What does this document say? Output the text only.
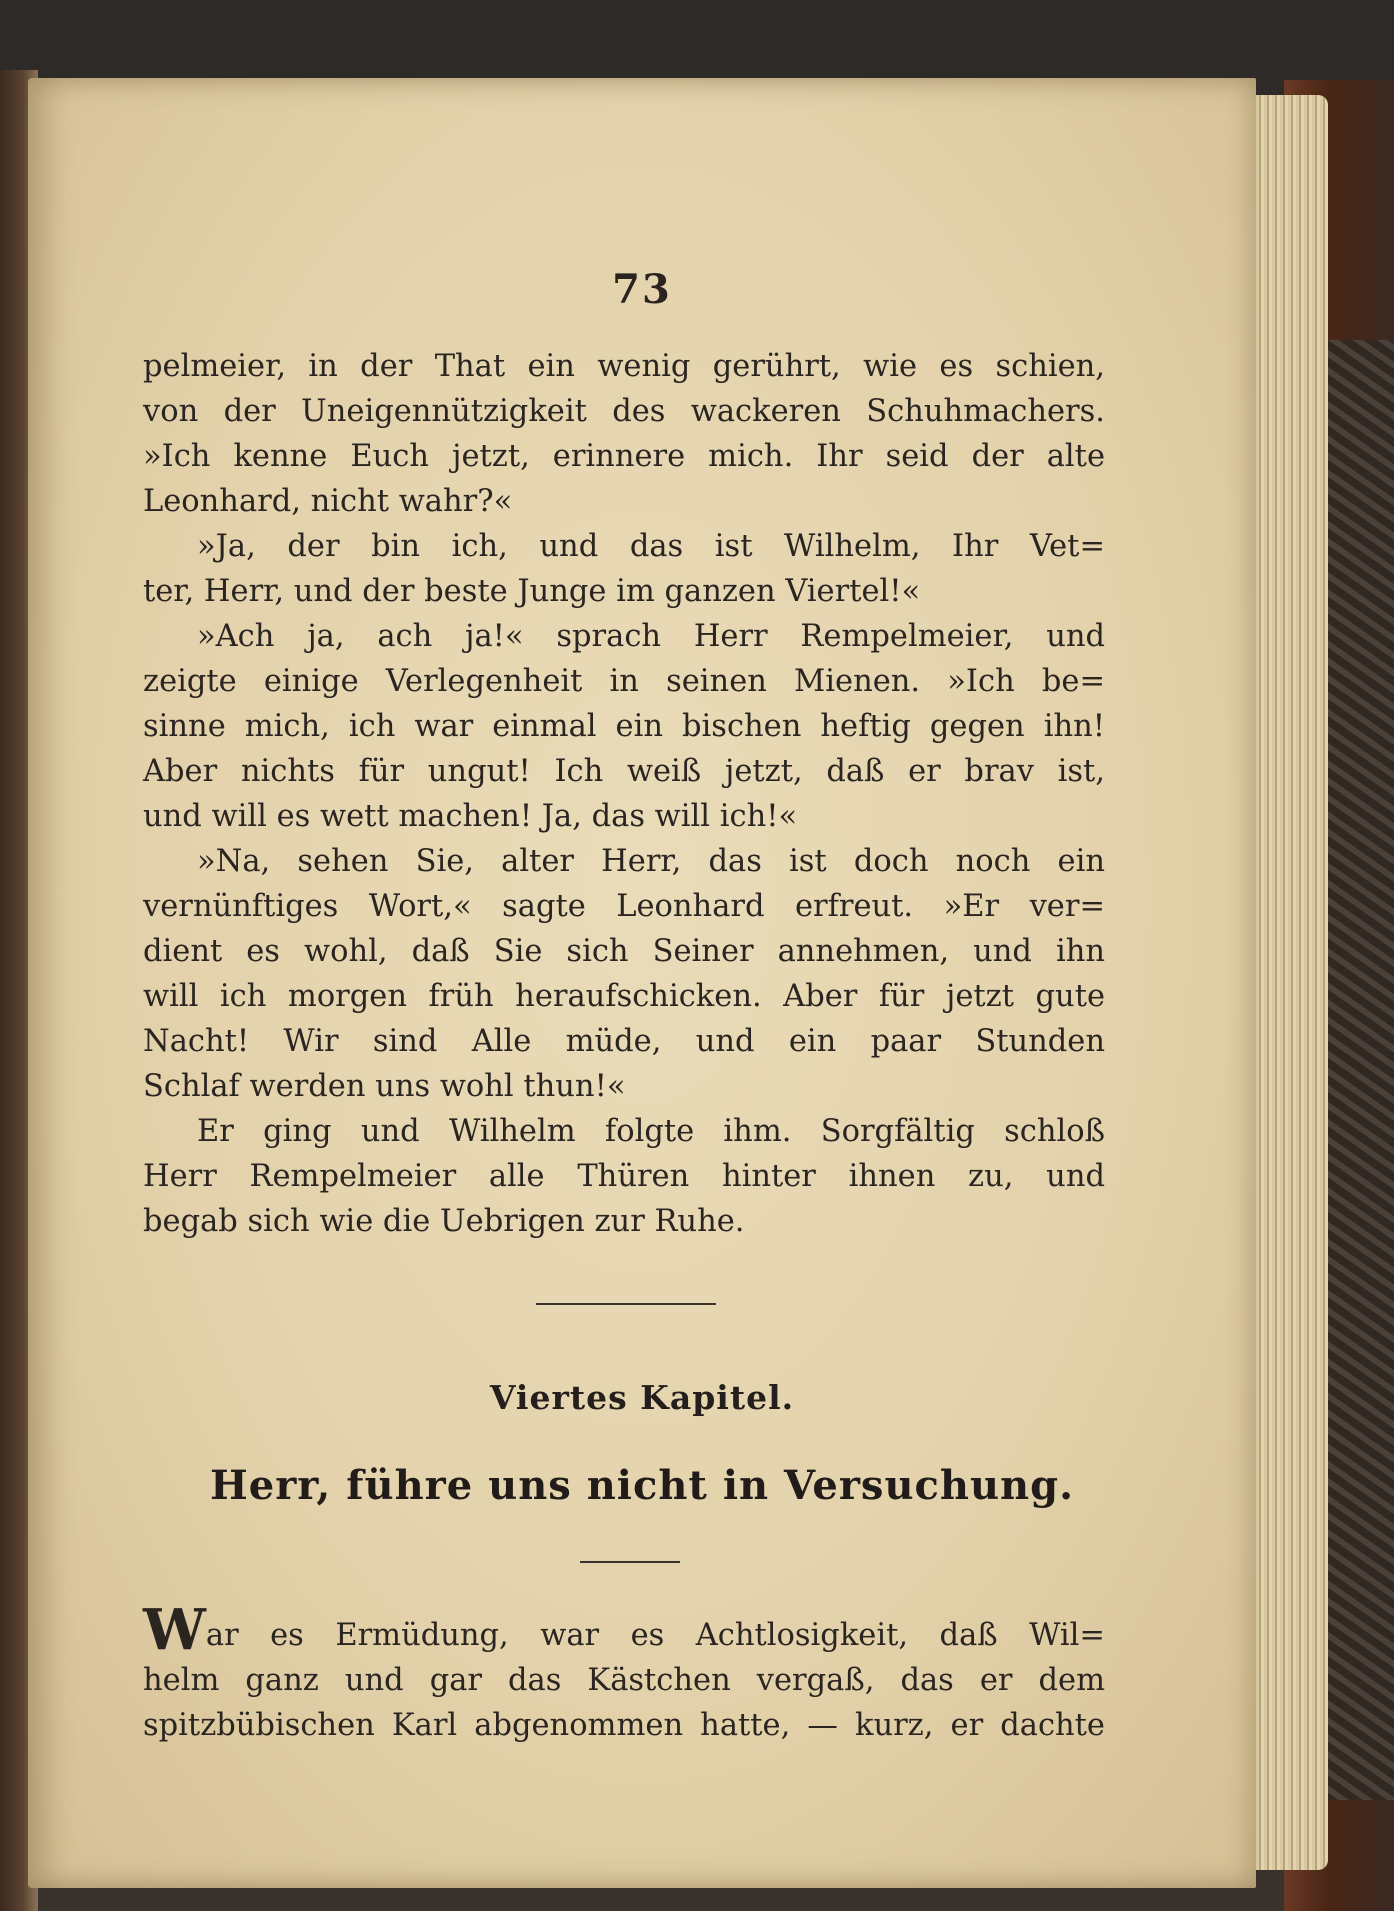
73
pelmeier, in der That ein wenig gerührt, wie es schien,
von der Uneigennützigkeit des wackeren Schuhmachers.
»Ich kenne Euch jetzt, erinnere mich. Ihr seid der alte
Leonhard, nicht wahr?«
»Ja, der bin ich, und das ist Wilhelm, Ihr Vet=
ter, Herr, und der beste Junge im ganzen Viertel!«
»Ach ja, ach ja!« sprach Herr Rempelmeier, und
zeigte einige Verlegenheit in seinen Mienen. »Ich be=
sinne mich, ich war einmal ein bischen heftig gegen ihn!
Aber nichts für ungut! Ich weiß jetzt, daß er brav ist,
und will es wett machen! Ja, das will ich!«
»Na, sehen Sie, alter Herr, das ist doch noch ein
vernünftiges Wort,« sagte Leonhard erfreut. »Er ver=
dient es wohl, daß Sie sich Seiner annehmen, und ihn
will ich morgen früh heraufschicken. Aber für jetzt gute
Nacht! Wir sind Alle müde, und ein paar Stunden
Schlaf werden uns wohl thun!«
Er ging und Wilhelm folgte ihm. Sorgfältig schloß
Herr Rempelmeier alle Thüren hinter ihnen zu, und
begab sich wie die Uebrigen zur Ruhe.
Viertes Kapitel.
Herr, führe uns nicht in Versuchung.
War es Ermüdung, war es Achtlosigkeit, daß Wil=
helm ganz und gar das Kästchen vergaß, das er dem
spitzbübischen Karl abgenommen hatte, — kurz, er dachte
